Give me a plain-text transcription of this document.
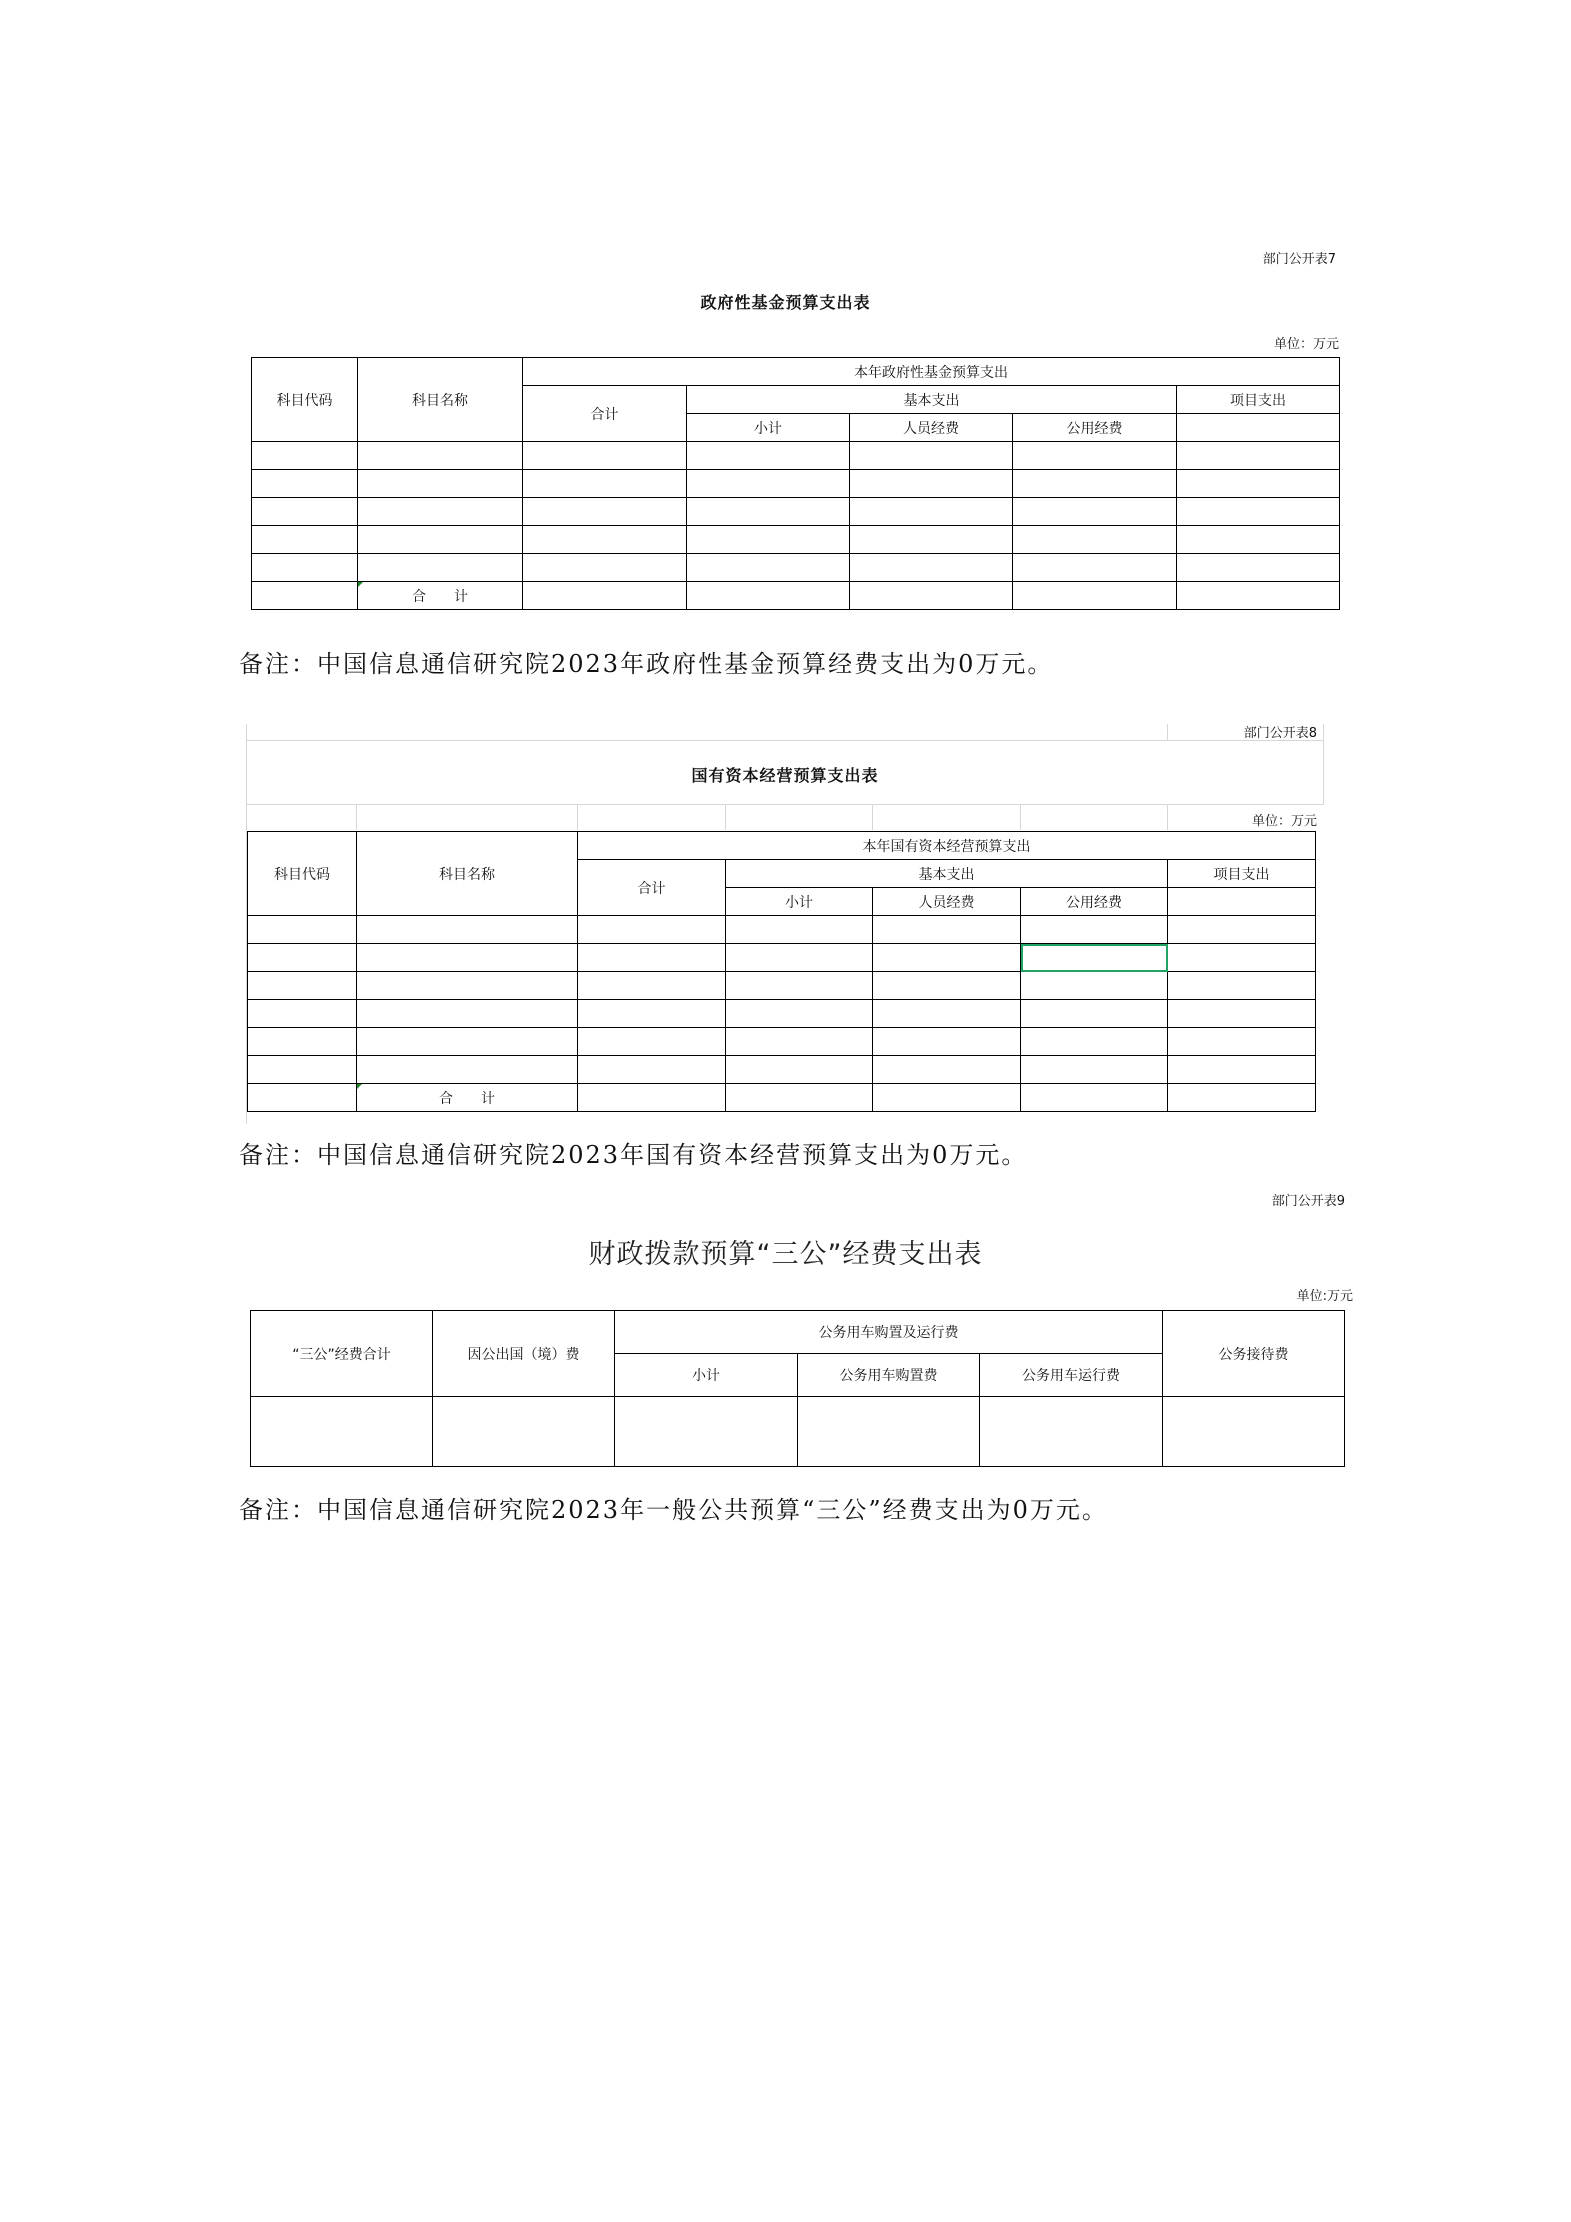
部门公开表7
政府性基金预算支出表
单位：万元
科目代码	科目名称	本年政府性基金预算支出				
		合计	基本支出			项目支出
			小计	人员经费	公用经费	

	合　　计					
备注：中国信息通信研究院2023年政府性基金预算经费支出为0万元。
部门公开表8
国有资本经营预算支出表
单位：万元
科目代码	科目名称	本年国有资本经营预算支出				
		合计	基本支出			项目支出
			小计	人员经费	公用经费	

	合　　计					
备注：中国信息通信研究院2023年国有资本经营预算支出为0万元。
部门公开表9
财政拨款预算“三公”经费支出表
单位:万元
“三公”经费合计	因公出国（境）费	公务用车购置及运行费			公务接待费
		小计	公务用车购置费	公务用车运行费	

备注：中国信息通信研究院2023年一般公共预算“三公”经费支出为0万元。
